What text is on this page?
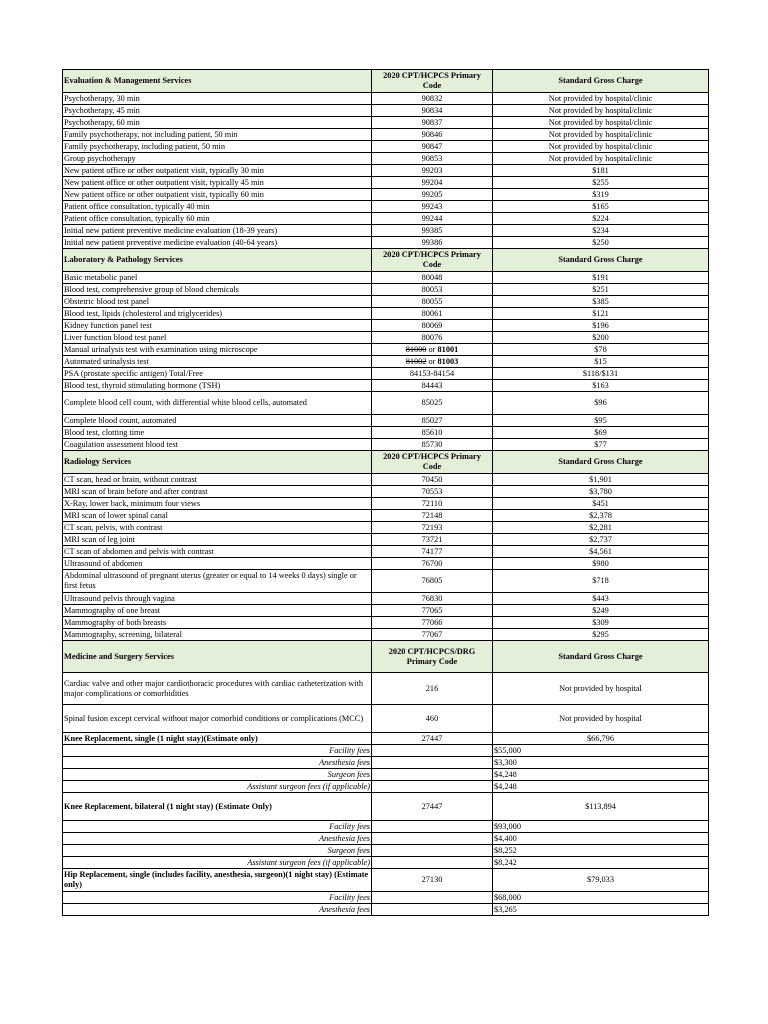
Evaluation & Management Services	2020 CPT/HCPCS Primary Code	Standard Gross Charge
Psychotherapy, 30 min	90832	Not provided by hospital/clinic
Psychotherapy, 45 min	90834	Not provided by hospital/clinic
Psychotherapy, 60 min	90837	Not provided by hospital/clinic
Family psychotherapy, not including patient, 50 min	90846	Not provided by hospital/clinic
Family psychotherapy, including patient, 50 min	90847	Not provided by hospital/clinic
Group psychotherapy	90853	Not provided by hospital/clinic
New patient office or other outpatient visit, typically 30 min	99203	$181
New patient office or other outpatient visit, typically 45 min	99204	$255
New patient office or other outpatient visit, typically 60 min	99205	$319
Patient office consultation, typically 40 min	99243	$165
Patient office consultation, typically 60 min	99244	$224
Initial new patient preventive medicine evaluation (18-39 years)	99385	$234
Initial new patient preventive medicine evaluation (40-64 years)	99386	$250
Laboratory & Pathology Services	2020 CPT/HCPCS Primary Code	Standard Gross Charge
Basic metabolic panel	80048	$191
Blood test, comprehensive group of blood chemicals	80053	$251
Obstetric blood test panel	80055	$385
Blood test, lipids (cholesterol and triglycerides)	80061	$121
Kidney function panel test	80069	$196
Liver function blood test panel	80076	$200
Manual urinalysis test with examination using microscope	81000 or 81001	$78
Automated urinalysis test	81002 or 81003	$15
PSA (prostate specific antigen) Total/Free	84153-84154	$118/$131
Blood test, thyroid stimulating hormone (TSH)	84443	$163
Complete blood cell count, with differential white blood cells, automated	85025	$96
Complete blood count, automated	85027	$95
Blood test, clotting time	85610	$69
Coagulation assessment blood test	85730	$77
Radiology Services	2020 CPT/HCPCS Primary Code	Standard Gross Charge
CT scan, head or brain, without contrast	70450	$1,901
MRI scan of brain before and after contrast	70553	$3,780
X-Ray, lower back, minimum four views	72110	$451
MRI scan of lower spinal canal	72148	$2,378
CT scan, pelvis, with contrast	72193	$2,281
MRI scan of leg joint	73721	$2,737
CT scan of abdomen and pelvis with contrast	74177	$4,561
Ultrasound of abdomen	76700	$980
Abdominal ultrasound of pregnant uterus (greater or equal to 14 weeks 0 days) single or first fetus	76805	$718
Ultrasound pelvis through vagina	76830	$443
Mammography of one breast	77065	$249
Mammography of both breasts	77066	$309
Mammography, screening, bilateral	77067	$295
Medicine and Surgery Services	2020 CPT/HCPCS/DRG Primary Code	Standard Gross Charge
Cardiac valve and other major cardiothoracic procedures with cardiac catheterization with major complications or comorbidities	216	Not provided by hospital
Spinal fusion except cervical without major comorbid conditions or complications (MCC)	460	Not provided by hospital
Knee Replacement, single (1 night stay)(Estimate only)	27447	$66,796
Facility fees		$55,000
Anesthesia fees		$3,300
Surgeon fees		$4,248
Assistant surgeon fees (if applicable)		$4,248
Knee Replacement, bilateral (1 night stay) (Estimate Only)	27447	$113,894
Facility fees		$93,000
Anesthesia fees		$4,400
Surgeon fees		$8,252
Assistant surgeon fees (if applicable)		$8,242
Hip Replacement, single (includes facility, anesthesia, surgeon)(1 night stay) (Estimate only)	27130	$79,033
Facility fees		$68,000
Anesthesia fees		$3,265
